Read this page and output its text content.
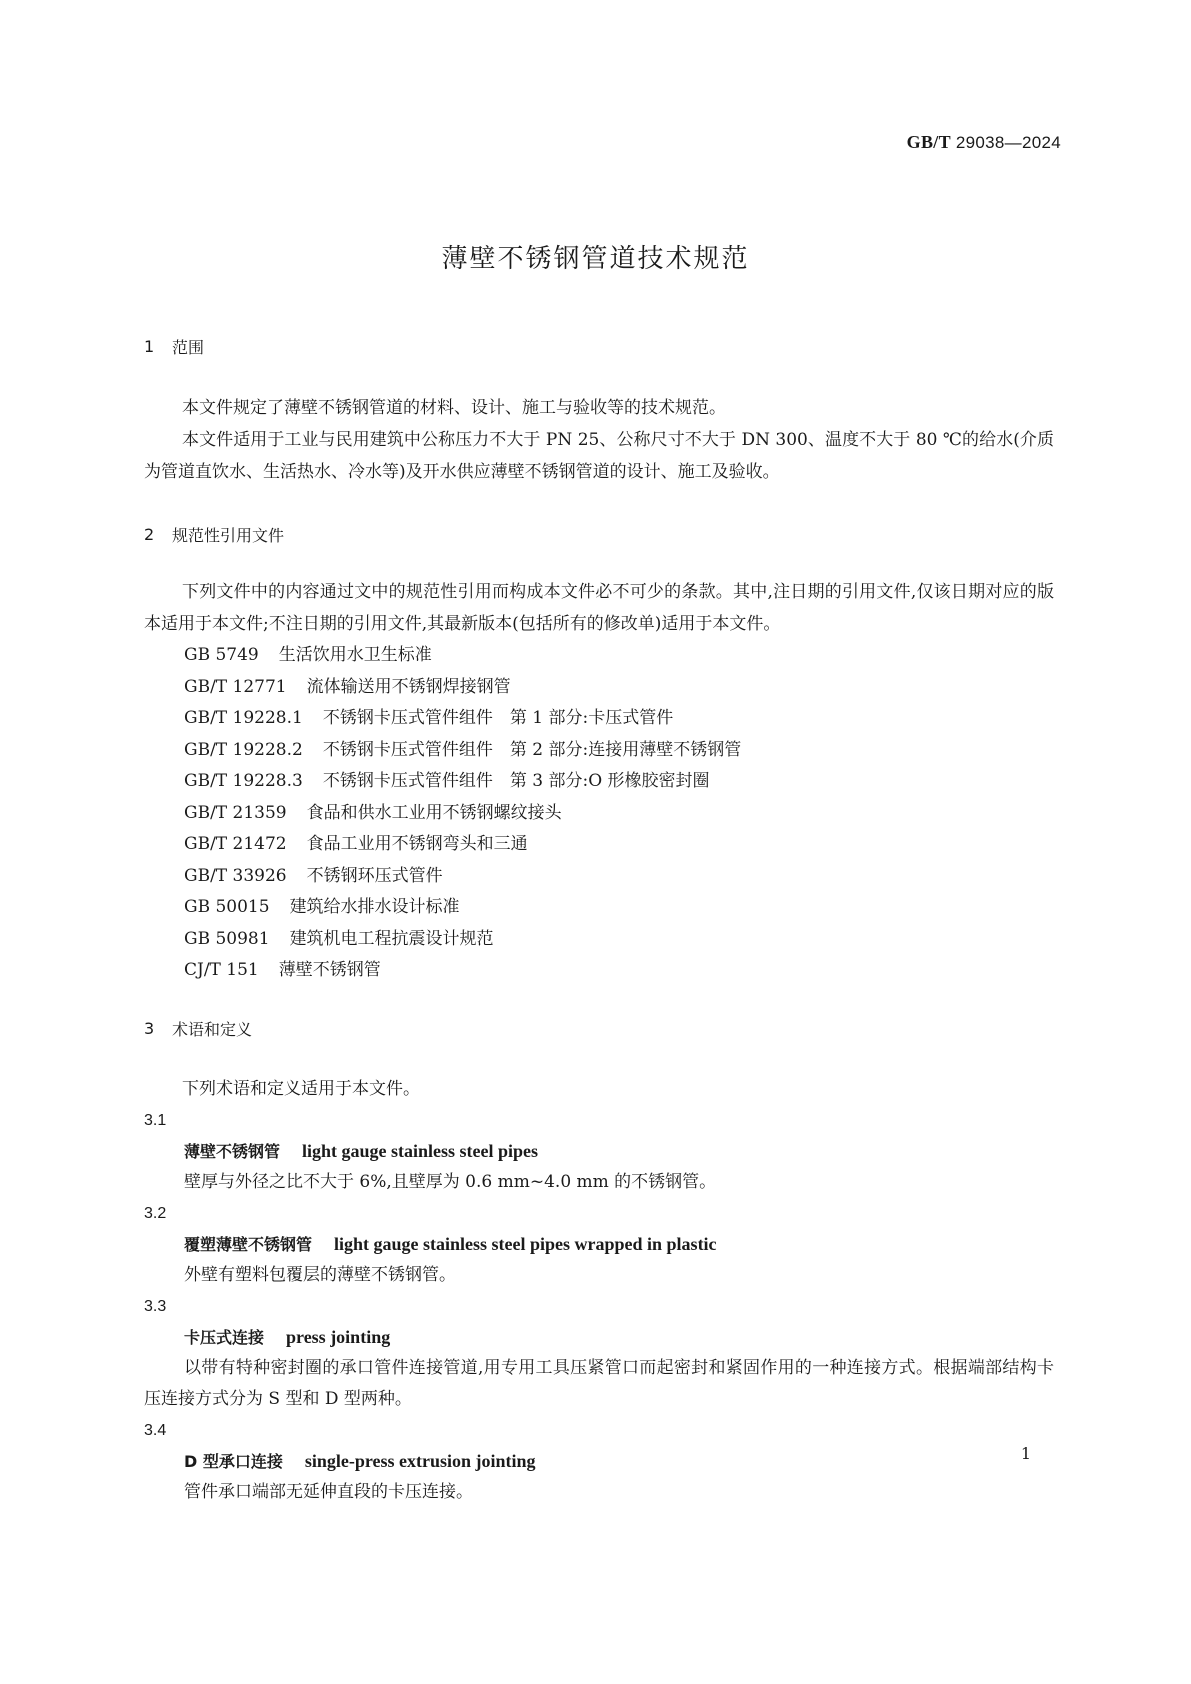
GB/T 29038—2024
薄壁不锈钢管道技术规范
1	范围

本文件规定了薄壁不锈钢管道的材料、设计、施工与验收等的技术规范。

本文件适用于工业与民用建筑中公称压力不大于 PN 25、公称尺寸不大于 DN 300、温度不大于 80 ℃的给水(介质为管道直饮水、生活热水、冷水等)及开水供应薄壁不锈钢管道的设计、施工及验收。

2	规范性引用文件

下列文件中的内容通过文中的规范性引用而构成本文件必不可少的条款。其中,注日期的引用文件,仅该日期对应的版本适用于本文件;不注日期的引用文件,其最新版本(包括所有的修改单)适用于本文件。

GB 5749	生活饮用水卫生标准
GB/T 12771	流体输送用不锈钢焊接钢管
GB/T 19228.1	不锈钢卡压式管件组件　第 1 部分:卡压式管件
GB/T 19228.2	不锈钢卡压式管件组件　第 2 部分:连接用薄壁不锈钢管
GB/T 19228.3	不锈钢卡压式管件组件　第 3 部分:O 形橡胶密封圈
GB/T 21359	食品和供水工业用不锈钢螺纹接头
GB/T 21472	食品工业用不锈钢弯头和三通
GB/T 33926	不锈钢环压式管件
GB 50015	建筑给水排水设计标准
GB 50981	建筑机电工程抗震设计规范
CJ/T 151	薄壁不锈钢管
3	术语和定义

下列术语和定义适用于本文件。

3.1
薄壁不锈钢管	light gauge stainless steel pipes

壁厚与外径之比不大于 6%,且壁厚为 0.6 mm~4.0 mm 的不锈钢管。

3.2
覆塑薄壁不锈钢管	light gauge stainless steel pipes wrapped in plastic

外壁有塑料包覆层的薄壁不锈钢管。

3.3
卡压式连接	press jointing

以带有特种密封圈的承口管件连接管道,用专用工具压紧管口而起密封和紧固作用的一种连接方式。根据端部结构卡压连接方式分为 S 型和 D 型两种。

3.4
D 型承口连接	single-press extrusion jointing

管件承口端部无延伸直段的卡压连接。

1
